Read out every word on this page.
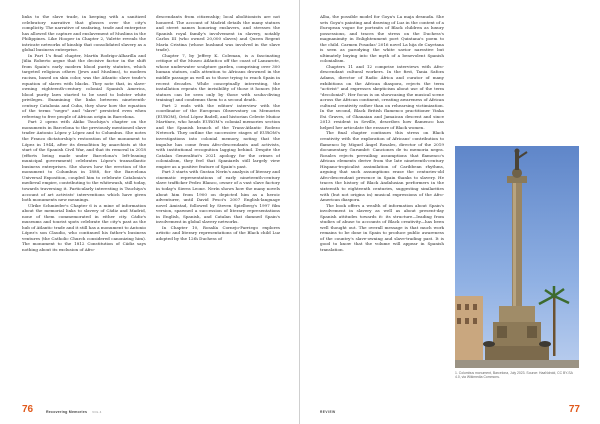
links to the slave trade, in keeping with a sanitized celebratory narrative that glosses over the city's complicity. The narrative of seafaring, trade and enterprise has allowed the capture and enslavement of Muslims in the Philippines. Like Hooper in Chapter 2, Valette reveals the intricate networks of kinship that consolidated slavery as a global business enterprise.

In Part 1's final chapter, Martín Rodrigo-Alharilla and Júlia Roberto argue that the decisive factor in the shift from Spain's early modern blood purity statutes, which targeted religious others (Jews and Muslims), to modern racism, based on skin color, was the Atlantic slave trade's equation of slaves with blacks. They note that, in slave-owning eighteenth-century colonial Spanish America, blood purity laws started to be used to bolster white privileges. Examining the links between nineteenth-century Catalonia and Cuba, they show how the equation of the terms "negro" and "slave" persisted even when referring to free people of African origin in Barcelona.

Part 2 opens with Akiko Tsuchiya's chapter on the monuments in Barcelona to the previously mentioned slave trader Antonio López y López and to Columbus. She notes the Franco dictatorship's restoration of the monument to López in 1944, after its demolition by anarchists at the start of the Spanish Civil War, and that its removal in 2018 (efforts being made under Barcelona's left-leaning municipal government) celebrates López's transatlantic business enterprises. She shows how the erection of the monument to Columbus in 1888, for the Barcelona Universal Exposition, coupled him to celebrate Catalonia's medieval empire, contributing to the whitewash, still today, towards traversing it. Particularly interesting is Tsuchiya's account of art activists' interventions which have given both monuments new meanings.

Ulrike Schmieder's Chapter 6 is a mine of information about the memorial links to slavery of Cádiz and Madrid, none of them commemorated in either city. Cádiz's museums and tourist spots celebrate the city's past as the hub of Atlantic trade and it still has a monument to Antonio López's son Claudio, who continued his father's business ventures (the Catholic Church considered canonizing him). The monument to the 1812 Constitution of Cádiz says nothing about its exclusion of Afro-

descendants from citizenship; local abolitionists are not honored. The account of Madrid details the many statues and street names honoring enslavers, and stresses the Spanish royal family's involvement in slavery, notably Carlos III (who owned 20,000 slaves) and Queen Regent María Cristina (whose husband was involved in the slave trade).

Chapter 7, by Jeffrey K. Coleman, is a fascinating critique of the Museo Atlántico off the coast of Lanzarote, whose underwater sculpture garden, comprising over 300 human statues, calls attention to Africans drowned in the middle passage as well as to those trying to reach Spain in recent decades. While conceptually interesting, the installation repeats the invisibility of those it honors (the statues can be seen only by those with scuba-diving training) and condemns them to a second death.

Part 2 ends with the editors' interview with the coordinator of the European Observatory on Memories (EUROM), Oriol López Badell, and historian Celeste Muñoz Martínez, who heads EUROM's colonial memories section and the Spanish branch of the Trans-Atlantic Rodezo Network. They outline the successive stages of EUROM's investigations into colonial memory, noting that the impulse has come from Afro-descendants and activists, with institutional recognition lagging behind. Despite the Catalan Generalitat's 2021 apology for the crimes of colonialism, they feel that Spaniards still largely view empire as a positive feature of Spain's past.

Part 3 starts with Gustau Nerín's analysis of literary and cinematic representations of early nineteenth-century slave trafficker Pedro Blanco, owner of a vast slave factory in today's Sierra Leone. Nerín shows how the many novels about him from 1900 on depicted him as a heroic adventurer, until David Pesci's 2007 English-language novel Amistad, followed by Steven Spielberg's 1997 film version, spawned a succession of literary representations in English, Spanish, and Catalan that damned Spain's involvement in global slavery networks.

In Chapter 10, Rosalía Cornejo-Parriego explores artistic and literary representations of the Black child Luz adopted by the 12th Duchess of

76	Recovering Memories VOL 4

Alba, the possible model for Goya's La maja desnuda. She sets Goya's painting and drawing of Luz in the context of a European vogue for portraits of Black children as luxury possessions, and traces the stress on the Duchess's magnanimity in Enlightenment poet Quintana's poem to the child. Carmen Posadas' 2016 novel La hija de Cayetana is seen as parodying the white savior narrative but ultimately buying into the myth of a benevolent Spanish colonialism.

Chapters 11 and 12 comprise interviews with Afro-descendant cultural workers. In the first, Tania Safora Adams, director of Radio África and curator of many exhibitions on the African diaspora, rejects the term "activist" and expresses skepticism about use of the term "decolonial". Her focus is on showcasing the musical scene across the African continent, creating awareness of African cultural creativity rather than on rehearsing victimization. In the second, Black British flamenco practitioner Yinka Esi Graves, of Ghanaian and Jamaican descent and since 2013 resident in Seville, describes how flamenco has helped her articulate the erasure of Black women.

The final chapter continues this stress on Black creativity with the exploration of Africans' contribution to flamenco by Miguel Ángel Rosales, director of the 2019 documentary Gurumbé: Canciones de tu memoria negra. Rosales rejects prevailing assumptions that flamenco's African elements derive from the late nineteenth-century Hispano-tropicalist assimilation of Caribbean rhythms, arguing that such assumptions erase the centuries-old Afro-descendant presence in Spain thanks to slavery. He traces the history of Black Andalusian performers in the sixteenth to eighteenth centuries, suggesting similarities with (but not origins in) musical expressions of the Afro-American diaspora.

The book offers a wealth of information about Spain's involvement in slavery as well as about present-day Spanish attitudes towards it: its structure—leading from studies of abuse to accounts of Black creativity—has been well thought out. The overall message is that much work remains to be done in Spain to produce public awareness of the country's slave-owning and slave-trading past. It is good to know that the volume will appear in Spanish translation.

1. Columbus monument, Barcelona, July 2023. Source: HaaNdroid, CC BY-SA 4.0, via Wikimedia Commons.
REVIEW	77
